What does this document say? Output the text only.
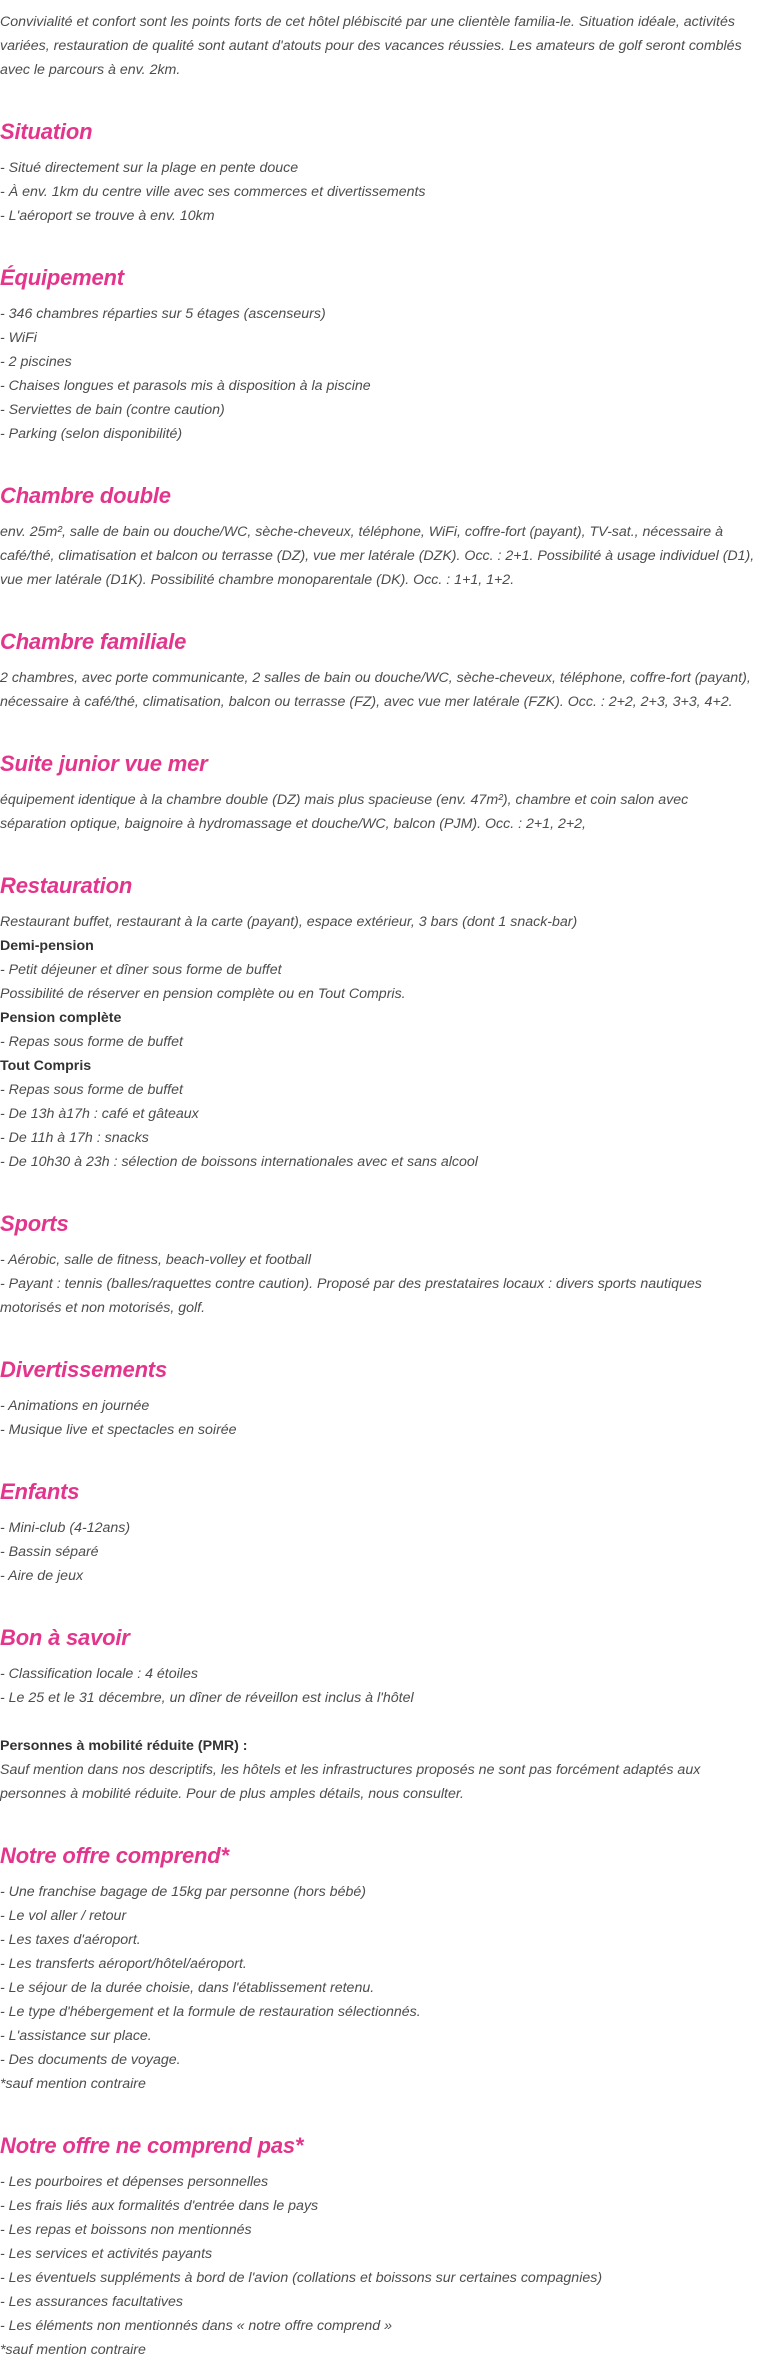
Convivialité et confort sont les points forts de cet hôtel plébiscité par une clientèle familia-le. Situation idéale, activités variées, restauration de qualité sont autant d'atouts pour des vacances réussies. Les amateurs de golf seront comblés avec le parcours à env. 2km.

Situation
- Situé directement sur la plage en pente douce
- À env. 1km du centre ville avec ses commerces et divertissements
- L'aéroport se trouve à env. 10km
Équipement
- 346 chambres réparties sur 5 étages (ascenseurs)
- WiFi
- 2 piscines
- Chaises longues et parasols mis à disposition à la piscine
- Serviettes de bain (contre caution)
- Parking (selon disponibilité)
Chambre double

env. 25m², salle de bain ou douche/WC, sèche-cheveux, téléphone, WiFi, coffre-fort (payant), TV-sat., nécessaire à café/thé, climatisation et balcon ou terrasse (DZ), vue mer latérale (DZK). Occ. : 2+1. Possibilité à usage individuel (D1), vue mer latérale (D1K). Possibilité chambre monoparentale (DK). Occ. : 1+1, 1+2.

Chambre familiale

2 chambres, avec porte communicante, 2 salles de bain ou douche/WC, sèche-cheveux, téléphone, coffre-fort (payant), nécessaire à café/thé, climatisation, balcon ou terrasse (FZ), avec vue mer latérale (FZK). Occ. : 2+2, 2+3, 3+3, 4+2.

Suite junior vue mer

équipement identique à la chambre double (DZ) mais plus spacieuse (env. 47m²), chambre et coin salon avec séparation optique, baignoire à hydromassage et douche/WC, balcon (PJM). Occ. : 2+1, 2+2,

Restauration
Restaurant buffet, restaurant à la carte (payant), espace extérieur, 3 bars (dont 1 snack-bar)
Demi-pension
- Petit déjeuner et dîner sous forme de buffet
Possibilité de réserver en pension complète ou en Tout Compris.
Pension complète
- Repas sous forme de buffet
Tout Compris
- Repas sous forme de buffet
- De 13h à17h : café et gâteaux
- De 11h à 17h : snacks
- De 10h30 à 23h : sélection de boissons internationales avec et sans alcool
Sports
- Aérobic, salle de fitness, beach-volley et football
- Payant : tennis (balles/raquettes contre caution). Proposé par des prestataires locaux : divers sports nautiques motorisés et non motorisés, golf.
Divertissements
- Animations en journée
- Musique live et spectacles en soirée
Enfants
- Mini-club (4-12ans)
- Bassin séparé
- Aire de jeux
Bon à savoir
- Classification locale : 4 étoiles
- Le 25 et le 31 décembre, un dîner de réveillon est inclus à l'hôtel
Personnes à mobilité réduite (PMR) :
Sauf mention dans nos descriptifs, les hôtels et les infrastructures proposés ne sont pas forcément adaptés aux personnes à mobilité réduite. Pour de plus amples détails, nous consulter.
Notre offre comprend*
- Une franchise bagage de 15kg par personne (hors bébé)
- Le vol aller / retour
- Les taxes d'aéroport.
- Les transferts aéroport/hôtel/aéroport.
- Le séjour de la durée choisie, dans l'établissement retenu.
- Le type d'hébergement et la formule de restauration sélectionnés.
- L'assistance sur place.
- Des documents de voyage.
*sauf mention contraire
Notre offre ne comprend pas*
- Les pourboires et dépenses personnelles
- Les frais liés aux formalités d'entrée dans le pays
- Les repas et boissons non mentionnés
- Les services et activités payants
- Les éventuels suppléments à bord de l'avion (collations et boissons sur certaines compagnies)
- Les assurances facultatives
- Les éléments non mentionnés dans « notre offre comprend »
*sauf mention contraire
